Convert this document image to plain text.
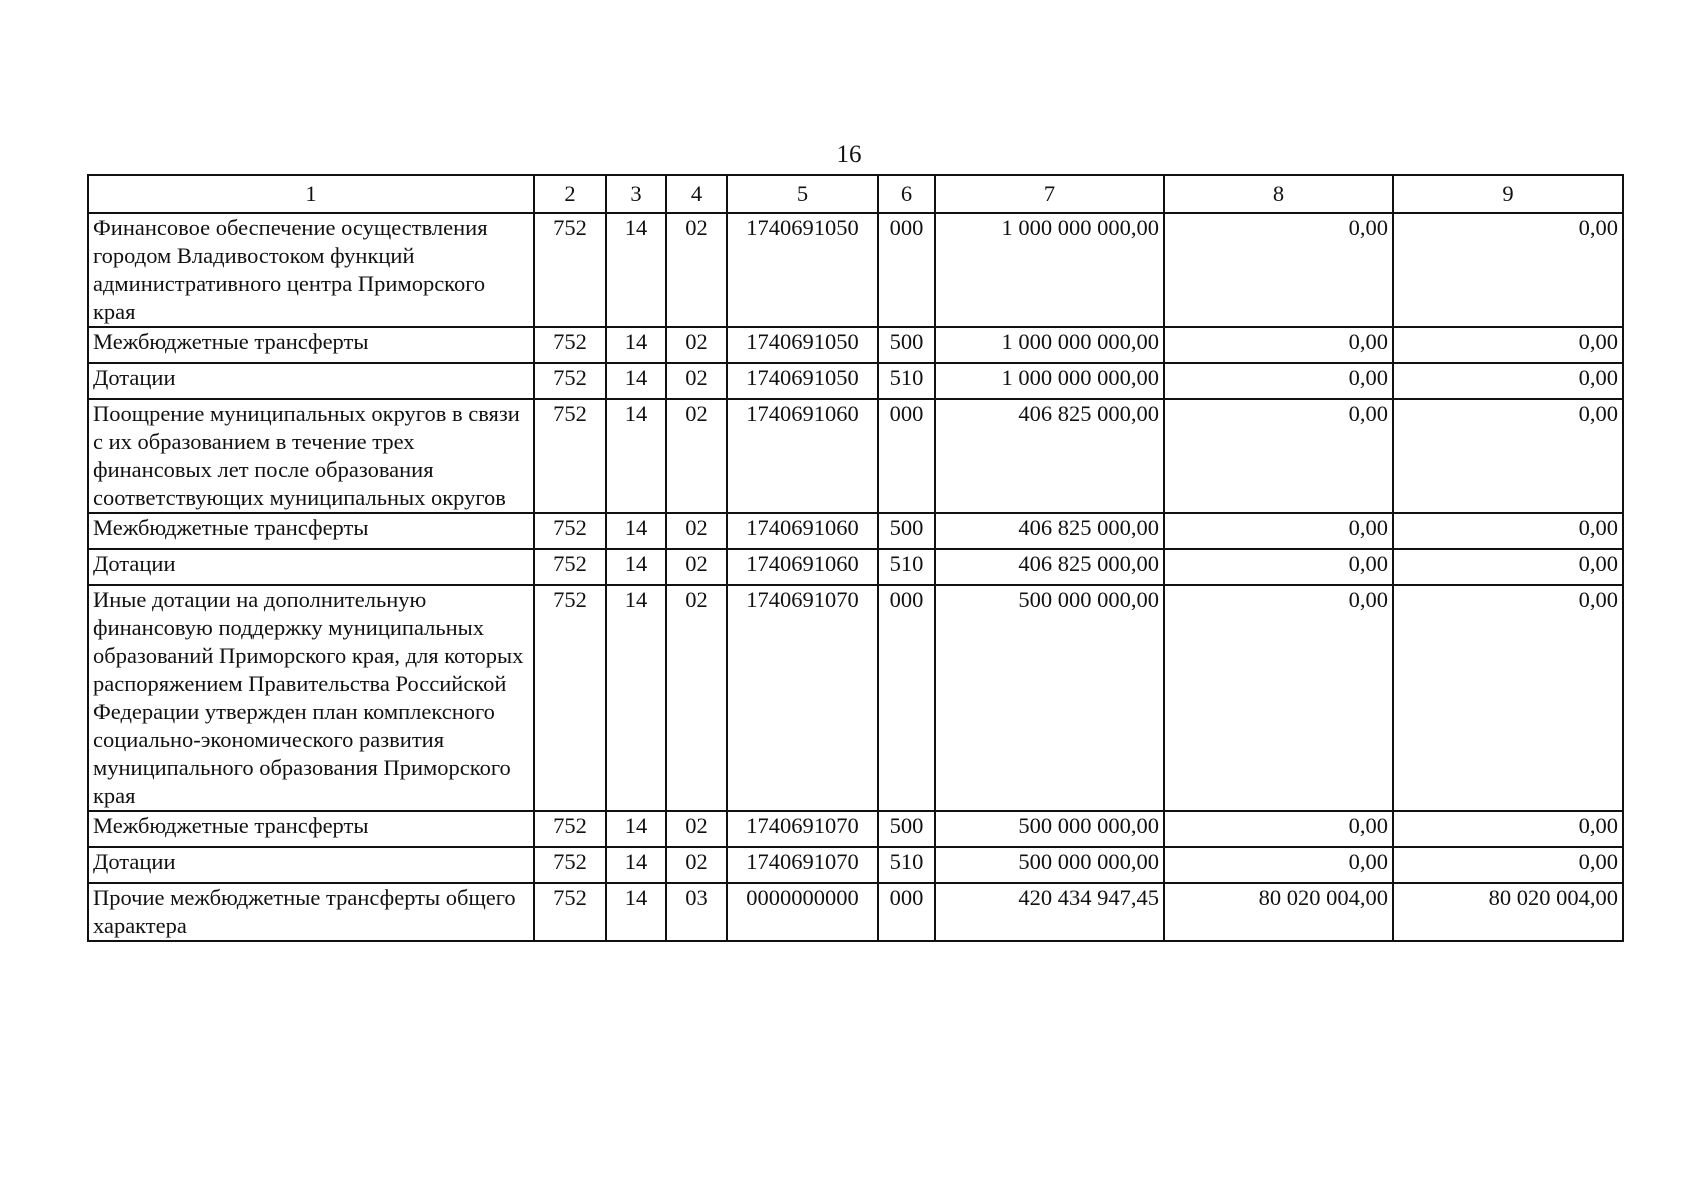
16
1	2	3	4	5	6	7	8	9
Финансовое обеспечение осуществления городом Владивостоком функций административного центра Приморского края	752	14	02	1740691050	000	1 000 000 000,00	0,00	0,00
Межбюджетные трансферты	752	14	02	1740691050	500	1 000 000 000,00	0,00	0,00
Дотации	752	14	02	1740691050	510	1 000 000 000,00	0,00	0,00
Поощрение муниципальных округов в связи с их образованием в течение трех финансовых лет после образования соответствующих муниципальных округов	752	14	02	1740691060	000	406 825 000,00	0,00	0,00
Межбюджетные трансферты	752	14	02	1740691060	500	406 825 000,00	0,00	0,00
Дотации	752	14	02	1740691060	510	406 825 000,00	0,00	0,00
Иные дотации на дополнительную финансовую поддержку муниципальных образований Приморского края, для которых распоряжением Правительства Российской Федерации утвержден план комплексного социально-экономического развития муниципального образования Приморского края	752	14	02	1740691070	000	500 000 000,00	0,00	0,00
Межбюджетные трансферты	752	14	02	1740691070	500	500 000 000,00	0,00	0,00
Дотации	752	14	02	1740691070	510	500 000 000,00	0,00	0,00
Прочие межбюджетные трансферты общего характера	752	14	03	0000000000	000	420 434 947,45	80 020 004,00	80 020 004,00
